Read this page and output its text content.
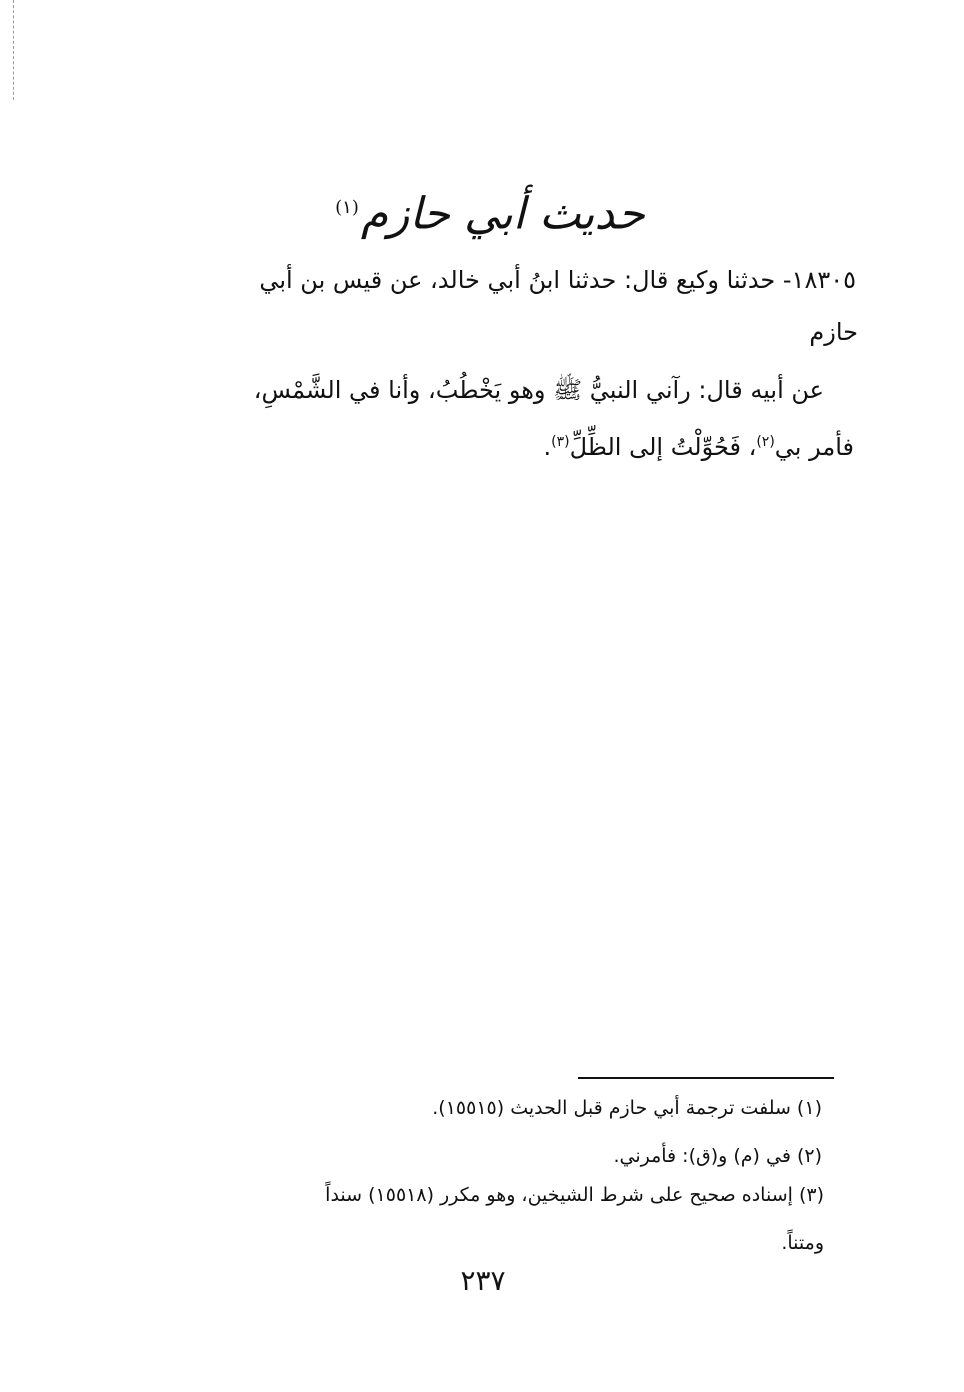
حديث أبي حازم$^{(١)}$
١٨٣٠٥- حدثنا وكيع قال: حدثنا ابنُ أبي خالد، عن قيس بن أبي
حازم
عن أبيه قال: رآني النبيُّ ﷺ وهو يَخْطُبُ، وأنا في الشَّمْسِ،
فأمر بي$^{(٢)}$، فَحُوِّلْتُ إلى الظِّلِّ$^{(٣)}$.
(١) سلفت ترجمة أبي حازم قبل الحديث (١٥٥١٥).
(٢) في (م) و(ق): فأمرني.
(٣) إسناده صحيح على شرط الشيخين، وهو مكرر (١٥٥١٨) سنداً
ومتناً.
٢٣٧
